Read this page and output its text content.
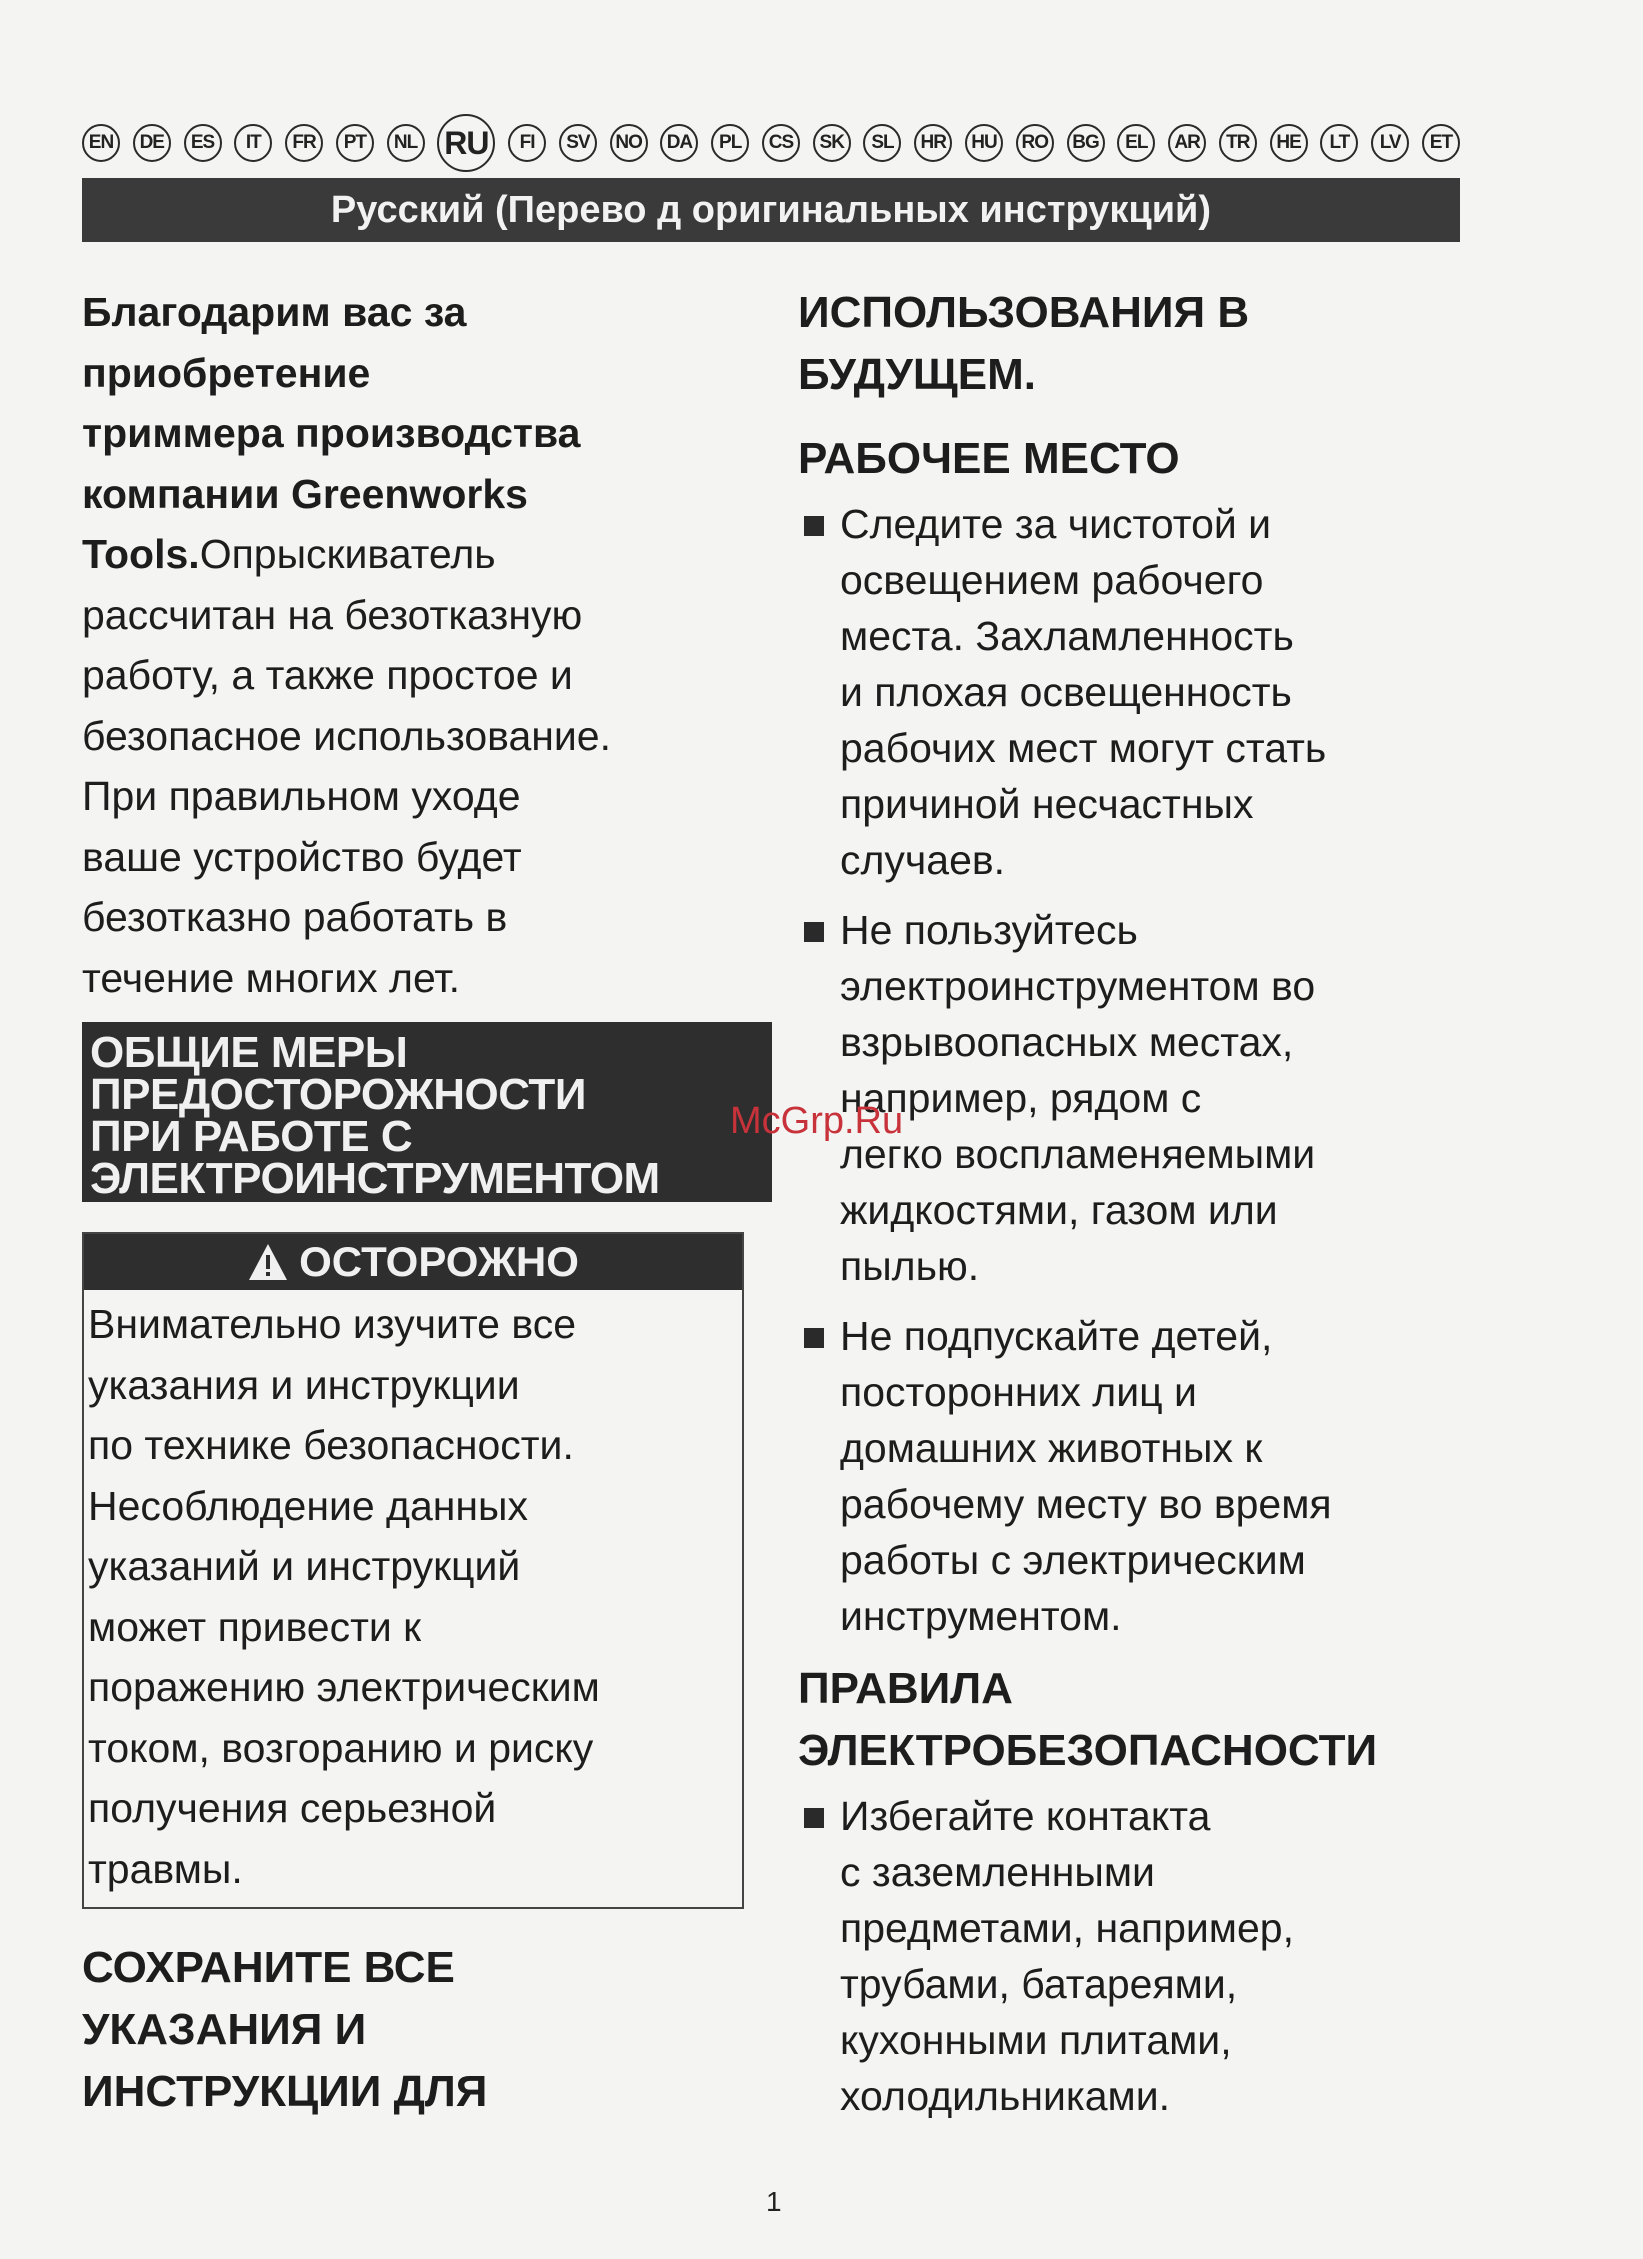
EN	DE	ES	IT	FR	PT	NL RU	FI	SV	NO	DA	PL	CS	SK	SL	HR	HU	RO	BG	EL	AR	TR	HE	LT	LV	ET
Русский (Перево д оригинальных инструкций)

Благодарим вас за

приобретение

триммера производства

компании Greenworks

Tools.Опрыскиватель

рассчитан на безотказную

работу, а также простое и

безопасное использование.

При правильном уходе

ваше устройство будет

безотказно работать в

течение многих лет.

ОБЩИЕ МЕРЫ
ПРЕДОСТОРОЖНОСТИ
ПРИ РАБОТЕ С
ЭЛЕКТРОИНСТРУМЕНТОМ
ОСТОРОЖНО
Внимательно изучите все
указания и инструкции
по технике безопасности.
Несоблюдение данных
указаний и инструкций
может привести к
поражению электрическим
током, возгоранию и риску
получения серьезной
травмы.
СОХРАНИТЕ ВСЕ
УКАЗАНИЯ И
ИНСТРУКЦИИ ДЛЯ
ИСПОЛЬЗОВАНИЯ В
БУДУЩЕМ.
РАБОЧЕЕ МЕСТО
Следите за чистотой и
освещением рабочего
места. Захламленность
и плохая освещенность
рабочих мест могут стать
причиной несчастных
случаев.
Не пользуйтесь
электроинструментом во
взрывоопасных местах,
например, рядом с
легко воспламеняемыми
жидкостями, газом или
пылью.
Не подпускайте детей,
посторонних лиц и
домашних животных к
рабочему месту во время
работы с электрическим
инструментом.
ПРАВИЛА
ЭЛЕКТРОБЕЗОПАСНОСТИ
Избегайте контакта
с заземленными
предметами, например,
трубами, батареями,
кухонными плитами,
холодильниками.
McGrp.Ru
1
